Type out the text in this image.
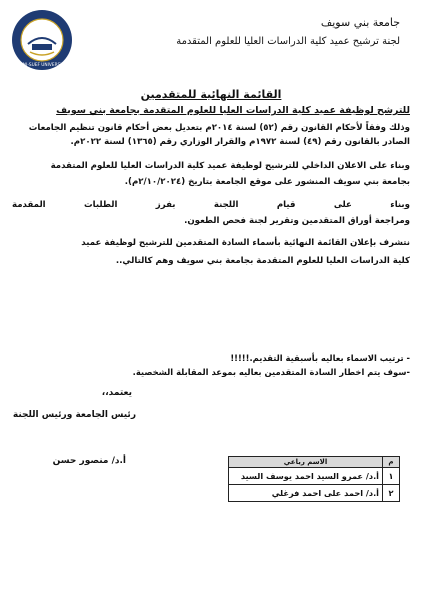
BENI-SUEF UNIVERSITY
جامعة بني سويف
لجنة ترشيح عميد كلية الدراسات العليا للعلوم المتقدمة
القائمة النهائية للمتقدمين
للترشح لوظيفة عميد كلية الدراسات العليا للعلوم المتقدمة بجامعة بني سويف
وذلك وفقاً لأحكام القانون رقم (٥٢) لسنة ٢٠١٤م بتعديل بعض أحكام قانون تنظيم الجامعات
الصادر بالقانون رقم (٤٩) لسنة ١٩٧٢م والقرار الوزاري رقم (١٣٦٥) لسنة ٢٠٢٢م.
وبناء على الاعلان الداخلي للترشيح لوظيفة عميد كلية الدراسات العليا للعلوم المتقدمة
بجامعة بني سويف المنشور على موقع الجامعة بتاريخ (٢/١٠/٢٠٢٤م).
وبناء على قيام اللجنة بفرز الطلبات المقدمة
ومراجعة أوراق المتقدمين وتقرير لجنة فحص الطعون.
نتشرف بإعلان القائمة النهائية بأسماء السادة المتقدمين للترشيح لوظيفة عميد
كلية الدراسات العليا للعلوم المتقدمة بجامعة بني سويف وهم كالتالي..
م	الاسم رباعي
١	أ.د/ عمرو السيد احمد يوسف السيد
٢	أ.د/ احمد على احمد فرغلي
- ترتيب الاسماء بعاليه بأسبقية التقديم.!!!!!
-سوف يتم اخطار السادة المتقدمين بعاليه بموعد المقابلة الشخصية.
يعتمد،،
رئيس الجامعة ورئيس اللجنة
أ.د/ منصور حسن
